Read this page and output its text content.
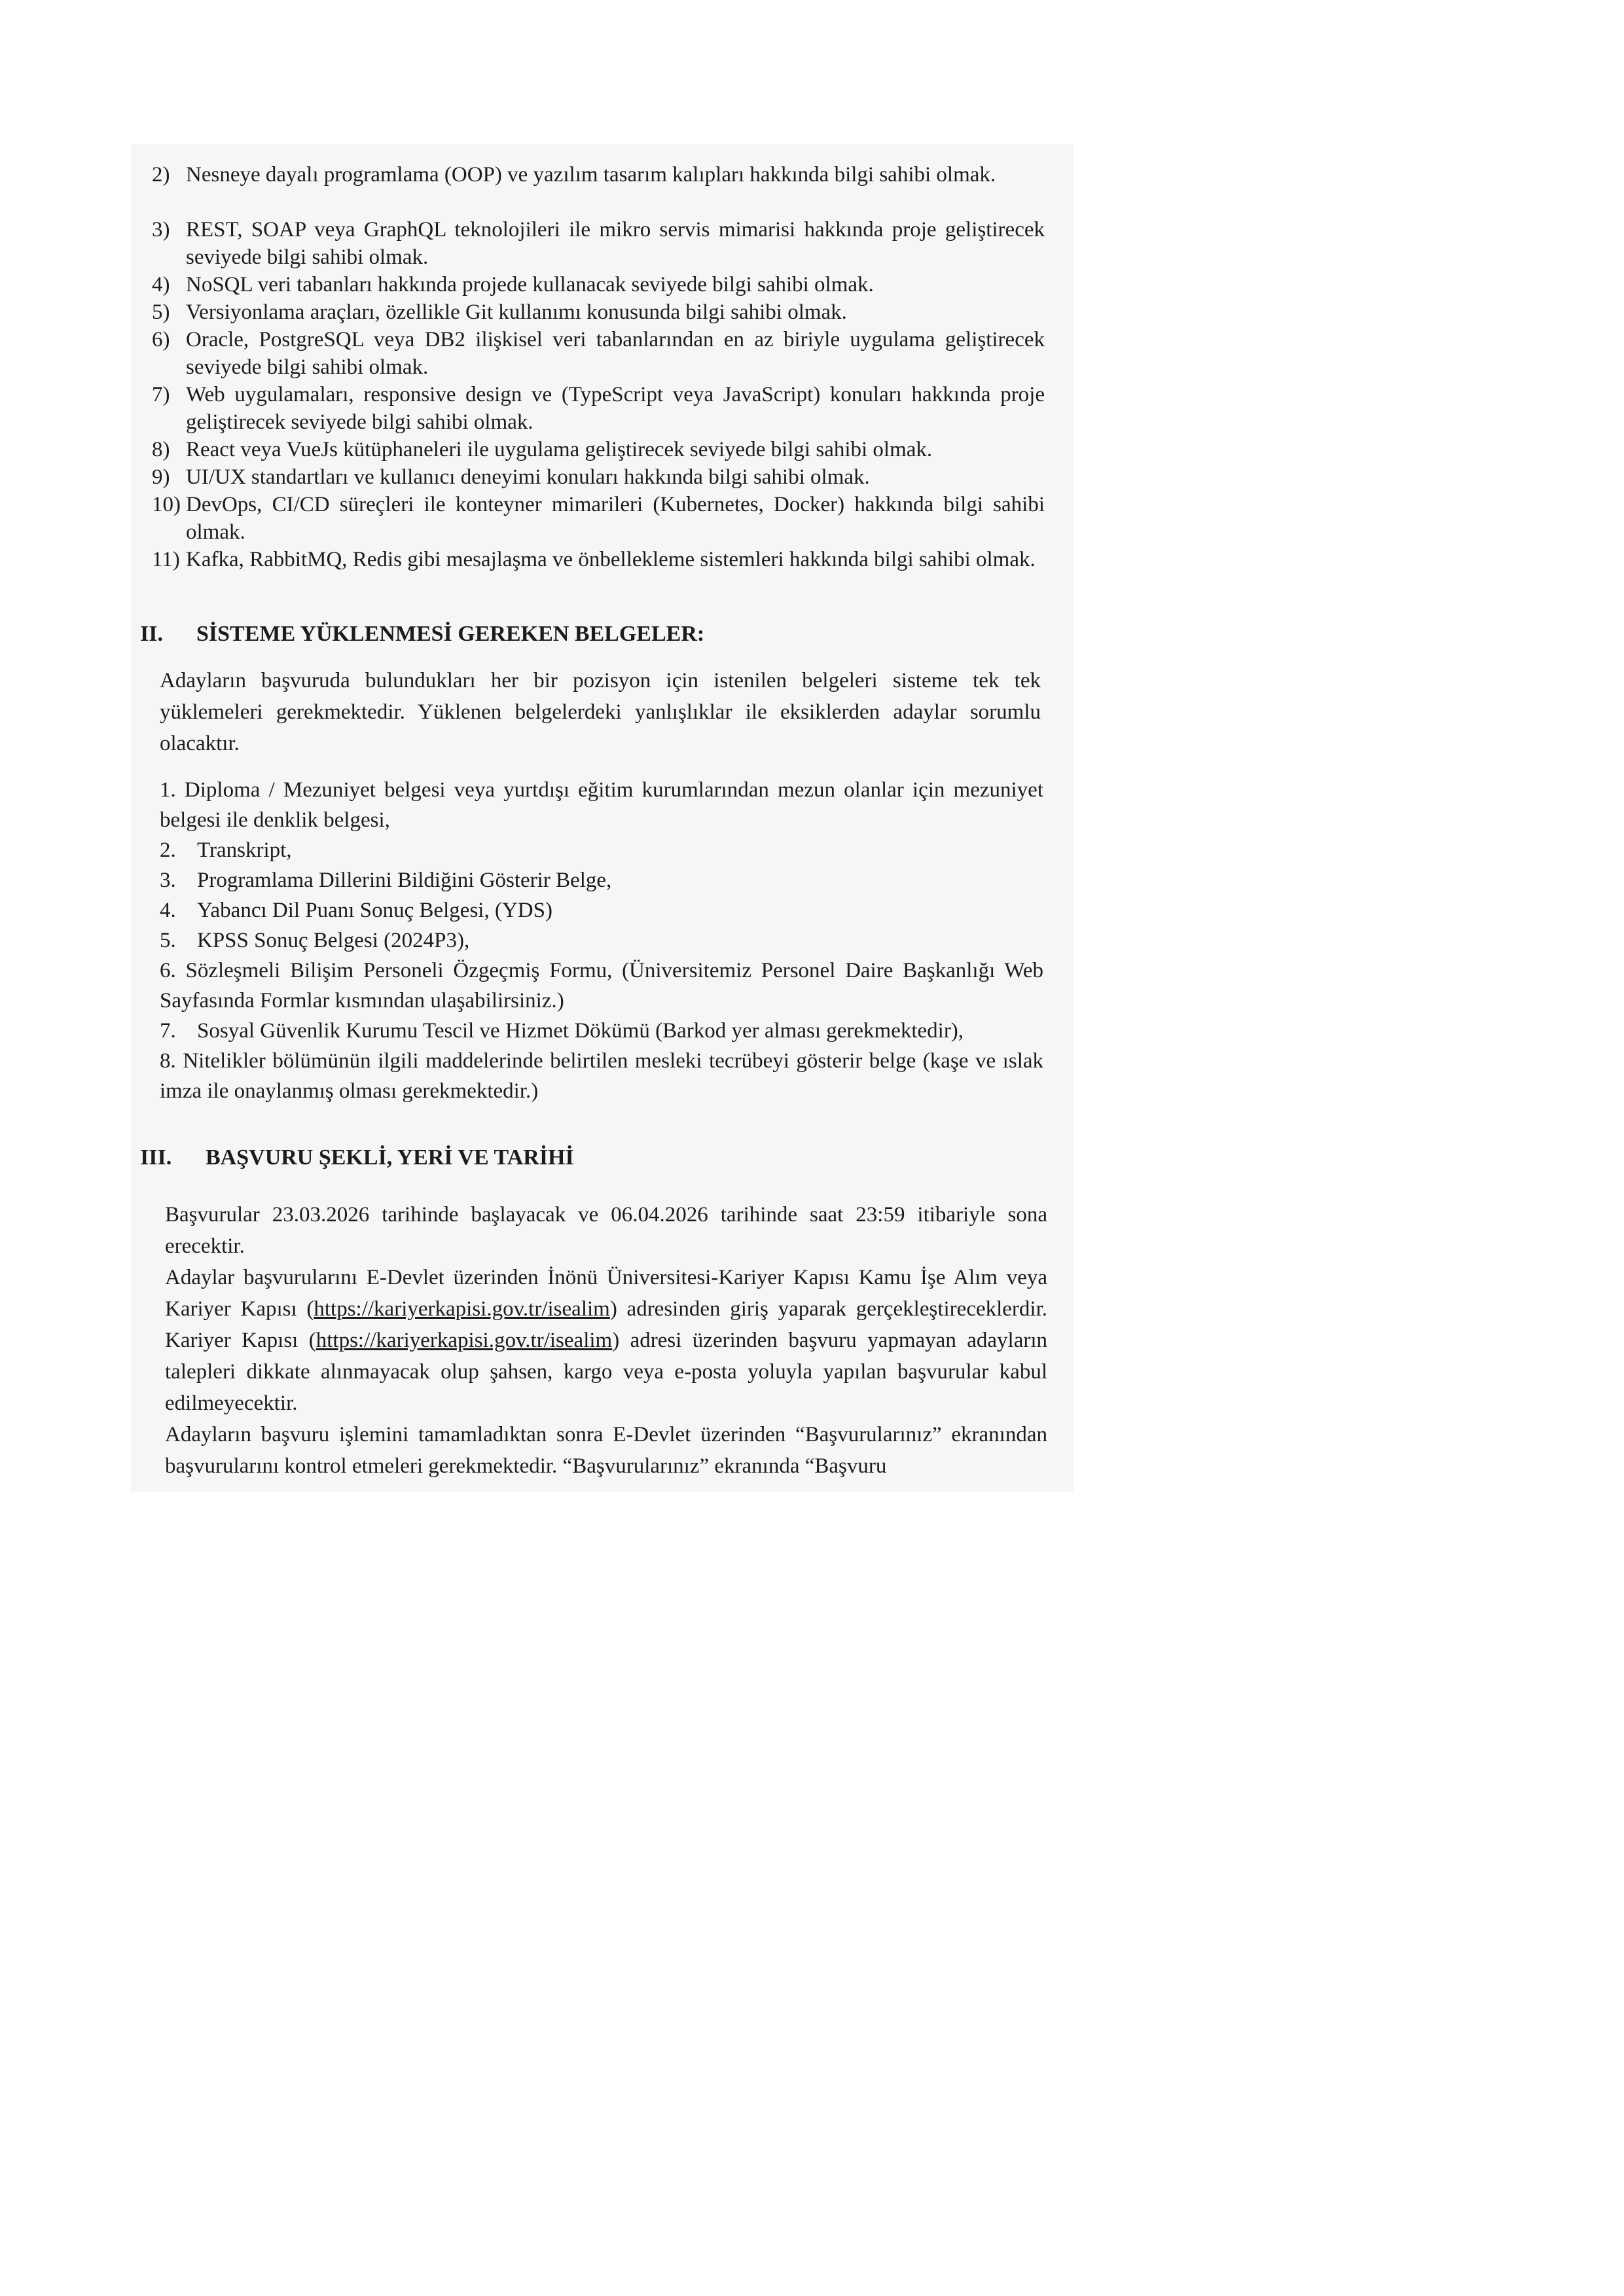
2) Nesneye dayalı programlama (OOP) ve yazılım tasarım kalıpları hakkında bilgi sahibi olmak.
3) REST, SOAP veya GraphQL teknolojileri ile mikro servis mimarisi hakkında proje geliştirecek seviyede bilgi sahibi olmak.
4) NoSQL veri tabanları hakkında projede kullanacak seviyede bilgi sahibi olmak.
5) Versiyonlama araçları, özellikle Git kullanımı konusunda bilgi sahibi olmak.
6) Oracle, PostgreSQL veya DB2 ilişkisel veri tabanlarından en az biriyle uygulama geliştirecek seviyede bilgi sahibi olmak.
7) Web uygulamaları, responsive design ve (TypeScript veya JavaScript) konuları hakkında proje geliştirecek seviyede bilgi sahibi olmak.
8) React veya VueJs kütüphaneleri ile uygulama geliştirecek seviyede bilgi sahibi olmak.
9) UI/UX standartları ve kullanıcı deneyimi konuları hakkında bilgi sahibi olmak.
10) DevOps, CI/CD süreçleri ile konteyner mimarileri (Kubernetes, Docker) hakkında bilgi sahibi olmak.
11) Kafka, RabbitMQ, Redis gibi mesajlaşma ve önbellekleme sistemleri hakkında bilgi sahibi olmak.
II. SİSTEME YÜKLENMESİ GEREKEN BELGELER:
Adayların başvuruda bulundukları her bir pozisyon için istenilen belgeleri sisteme tek tek yüklemeleri gerekmektedir. Yüklenen belgelerdeki yanlışlıklar ile eksiklerden adaylar sorumlu olacaktır.
1. Diploma / Mezuniyet belgesi veya yurtdışı eğitim kurumlarından mezun olanlar için mezuniyet belgesi ile denklik belgesi,
2. Transkript,
3. Programlama Dillerini Bildiğini Gösterir Belge,
4. Yabancı Dil Puanı Sonuç Belgesi, (YDS)
5. KPSS Sonuç Belgesi (2024P3),
6. Sözleşmeli Bilişim Personeli Özgeçmiş Formu, (Üniversitemiz Personel Daire Başkanlığı Web Sayfasında Formlar kısmından ulaşabilirsiniz.)
7. Sosyal Güvenlik Kurumu Tescil ve Hizmet Dökümü (Barkod yer alması gerekmektedir),
8. Nitelikler bölümünün ilgili maddelerinde belirtilen mesleki tecrübeyi gösterir belge (kaşe ve ıslak imza ile onaylanmış olması gerekmektedir.)
III. BAŞVURU ŞEKLİ, YERİ VE TARİHİ
Başvurular 23.03.2026 tarihinde başlayacak ve 06.04.2026 tarihinde saat 23:59 itibariyle sona erecektir.
Adaylar başvurularını E-Devlet üzerinden İnönü Üniversitesi-Kariyer Kapısı Kamu İşe Alım veya Kariyer Kapısı (https://kariyerkapisi.gov.tr/isealim) adresinden giriş yaparak gerçekleştireceklerdir. Kariyer Kapısı (https://kariyerkapisi.gov.tr/isealim) adresi üzerinden başvuru yapmayan adayların talepleri dikkate alınmayacak olup şahsen, kargo veya e-posta yoluyla yapılan başvurular kabul edilmeyecektir.
Adayların başvuru işlemini tamamladıktan sonra E-Devlet üzerinden “Başvurularınız” ekranından başvurularını kontrol etmeleri gerekmektedir. “Başvurularınız” ekranında “Başvuru
